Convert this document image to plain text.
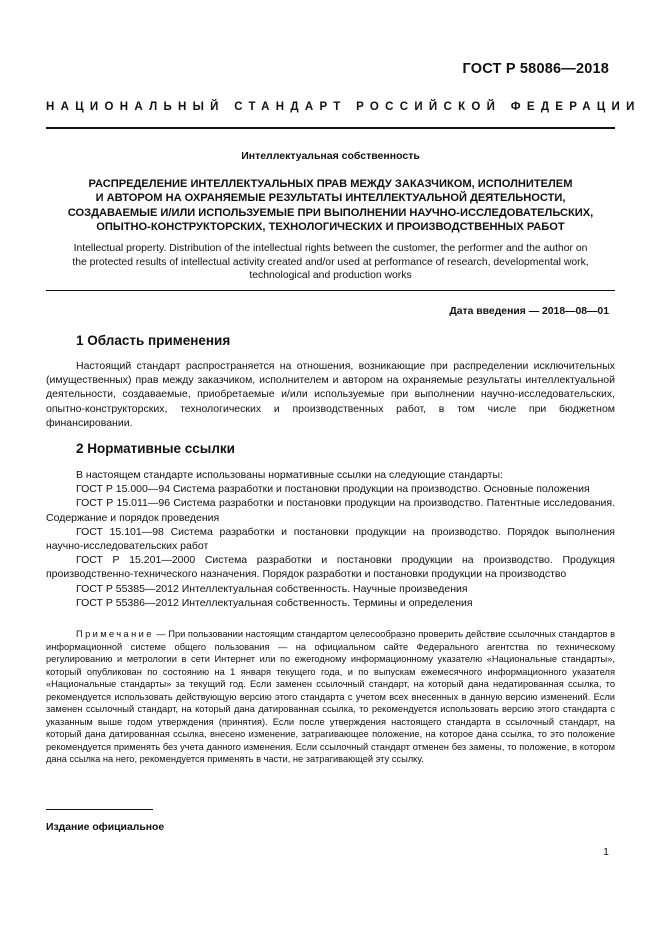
ГОСТ Р 58086—2018
НАЦИОНАЛЬНЫЙ СТАНДАРТ РОССИЙСКОЙ ФЕДЕРАЦИИ
Интеллектуальная собственность
РАСПРЕДЕЛЕНИЕ ИНТЕЛЛЕКТУАЛЬНЫХ ПРАВ МЕЖДУ ЗАКАЗЧИКОМ, ИСПОЛНИТЕЛЕМ
И АВТОРОМ НА ОХРАНЯЕМЫЕ РЕЗУЛЬТАТЫ ИНТЕЛЛЕКТУАЛЬНОЙ ДЕЯТЕЛЬНОСТИ,
СОЗДАВАЕМЫЕ И/ИЛИ ИСПОЛЬЗУЕМЫЕ ПРИ ВЫПОЛНЕНИИ НАУЧНО-ИССЛЕДОВАТЕЛЬСКИХ,
ОПЫТНО-КОНСТРУКТОРСКИХ, ТЕХНОЛОГИЧЕСКИХ И ПРОИЗВОДСТВЕННЫХ РАБОТ
Intellectual property. Distribution of the intellectual rights between the customer, the performer and the author on
the protected results of intellectual activity created and/or used at performance of research, developmental work,
technological and production works
Дата введения — 2018—08—01
1 Область применения

Настоящий стандарт распространяется на отношения, возникающие при распределении исключительных (имущественных) прав между заказчиком, исполнителем и автором на охраняемые результаты интеллектуальной деятельности, создаваемые, приобретаемые и/или используемые при выполнении научно-исследовательских, опытно-конструкторских, технологических и производственных работ, в том числе при бюджетном финансировании.

2 Нормативные ссылки

В настоящем стандарте использованы нормативные ссылки на следующие стандарты:

ГОСТ Р 15.000—94 Система разработки и постановки продукции на производство. Основные положения

ГОСТ Р 15.011—96 Система разработки и постановки продукции на производство. Патентные исследования. Содержание и порядок проведения

ГОСТ 15.101—98 Система разработки и постановки продукции на производство. Порядок выполнения научно-исследовательских работ

ГОСТ Р 15.201—2000 Система разработки и постановки продукции на производство. Продукция производственно-технического назначения. Порядок разработки и постановки продукции на производство

ГОСТ Р 55385—2012 Интеллектуальная собственность. Научные произведения

ГОСТ Р 55386—2012 Интеллектуальная собственность. Термины и определения

Примечание — При пользовании настоящим стандартом целесообразно проверить действие ссылочных стандартов в информационной системе общего пользования — на официальном сайте Федерального агентства по техническому регулированию и метрологии в сети Интернет или по ежегодному информационному указателю «Национальные стандарты», который опубликован по состоянию на 1 января текущего года, и по выпускам ежемесячного информационного указателя «Национальные стандарты» за текущий год. Если заменен ссылочный стандарт, на который дана недатированная ссылка, то рекомендуется использовать действующую версию этого стандарта с учетом всех внесенных в данную версию изменений. Если заменен ссылочный стандарт, на который дана датированная ссылка, то рекомендуется использовать версию этого стандарта с указанным выше годом утверждения (принятия). Если после утверждения настоящего стандарта в ссылочный стандарт, на который дана датированная ссылка, внесено изменение, затрагивающее положение, на которое дана ссылка, то это положение рекомендуется применять без учета данного изменения. Если ссылочный стандарт отменен без замены, то положение, в котором дана ссылка на него, рекомендуется применять в части, не затрагивающей эту ссылку.
Издание официальное
1
